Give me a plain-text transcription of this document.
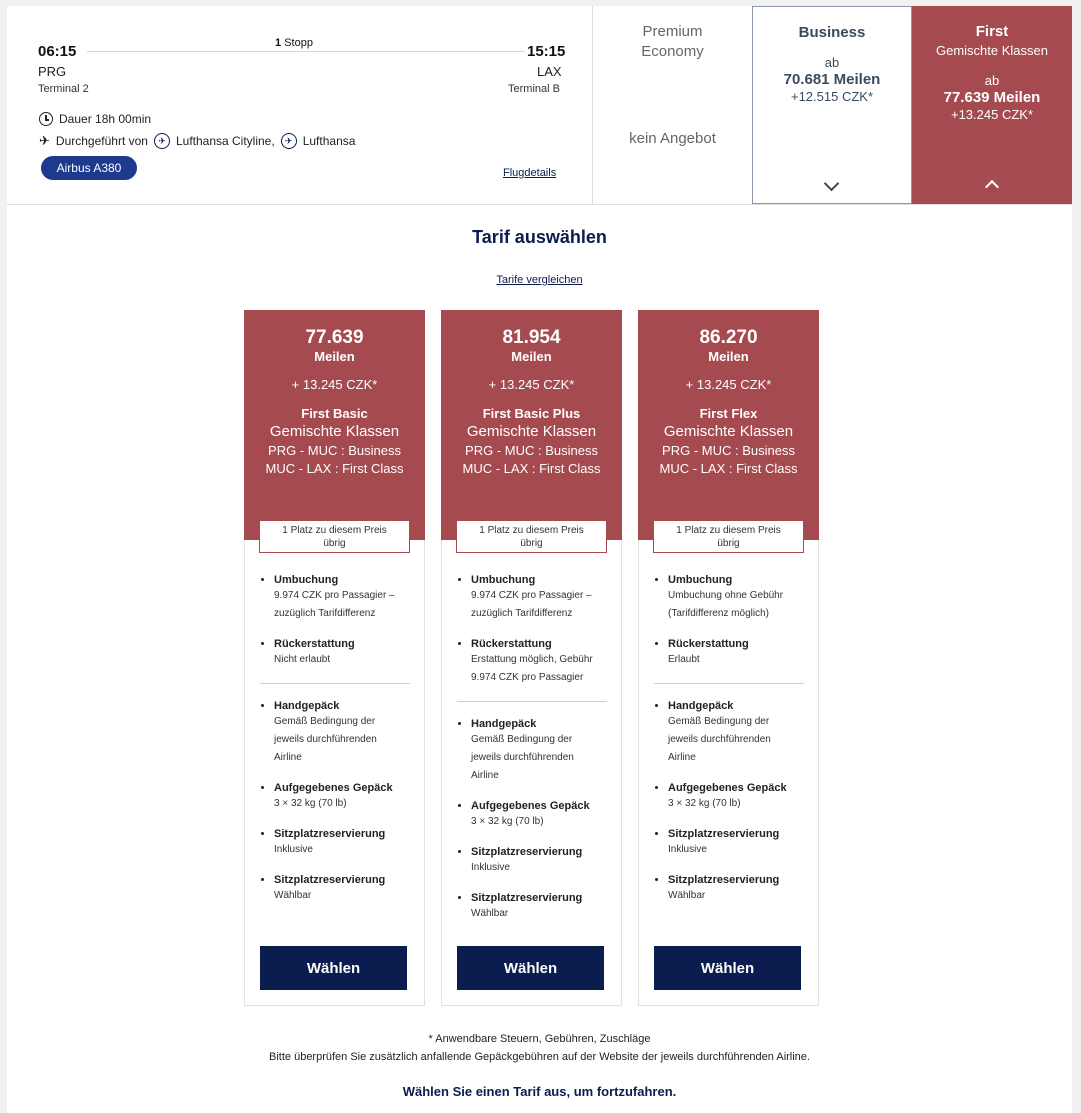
06:15
PRG
Terminal 2
1 Stopp	15:15
LAX
Terminal B
Dauer 18h 00min
✈ Durchgeführt von	✈ Lufthansa Cityline,	✈ Lufthansa
Airbus A380	Flugdetails
Premium
Economy
kein Angebot
Business
ab
70.681 Meilen
+12.515 CZK*
First
Gemischte Klassen
ab
77.639 Meilen
+13.245 CZK*
Tarif auswählen
Tarife vergleichen
77.639
Meilen
+ 13.245 CZK*
First Basic
Gemischte Klassen
PRG - MUC : Business
MUC - LAX : First Class
1 Platz zu diesem Preis
übrig
Umbuchung
9.974 CZK pro Passagier –
zuzüglich Tarifdifferenz
Rückerstattung
Nicht erlaubt
Handgepäck
Gemäß Bedingung der
jeweils durchführenden
Airline
Aufgegebenes Gepäck
3 × 32 kg (70 lb)
Sitzplatzreservierung
Inklusive
Sitzplatzreservierung
Wählbar
Wählen
81.954
Meilen
+ 13.245 CZK*
First Basic Plus
Gemischte Klassen
PRG - MUC : Business
MUC - LAX : First Class
1 Platz zu diesem Preis
übrig
Umbuchung
9.974 CZK pro Passagier –
zuzüglich Tarifdifferenz
Rückerstattung
Erstattung möglich, Gebühr
9.974 CZK pro Passagier
Handgepäck
Gemäß Bedingung der
jeweils durchführenden
Airline
Aufgegebenes Gepäck
3 × 32 kg (70 lb)
Sitzplatzreservierung
Inklusive
Sitzplatzreservierung
Wählbar
Wählen
86.270
Meilen
+ 13.245 CZK*
First Flex
Gemischte Klassen
PRG - MUC : Business
MUC - LAX : First Class
1 Platz zu diesem Preis
übrig
Umbuchung
Umbuchung ohne Gebühr
(Tarifdifferenz möglich)
Rückerstattung
Erlaubt
Handgepäck
Gemäß Bedingung der
jeweils durchführenden
Airline
Aufgegebenes Gepäck
3 × 32 kg (70 lb)
Sitzplatzreservierung
Inklusive
Sitzplatzreservierung
Wählbar
Wählen
* Anwendbare Steuern, Gebühren, Zuschläge
Bitte überprüfen Sie zusätzlich anfallende Gepäckgebühren auf der Website der jeweils durchführenden Airline.
Wählen Sie einen Tarif aus, um fortzufahren.
